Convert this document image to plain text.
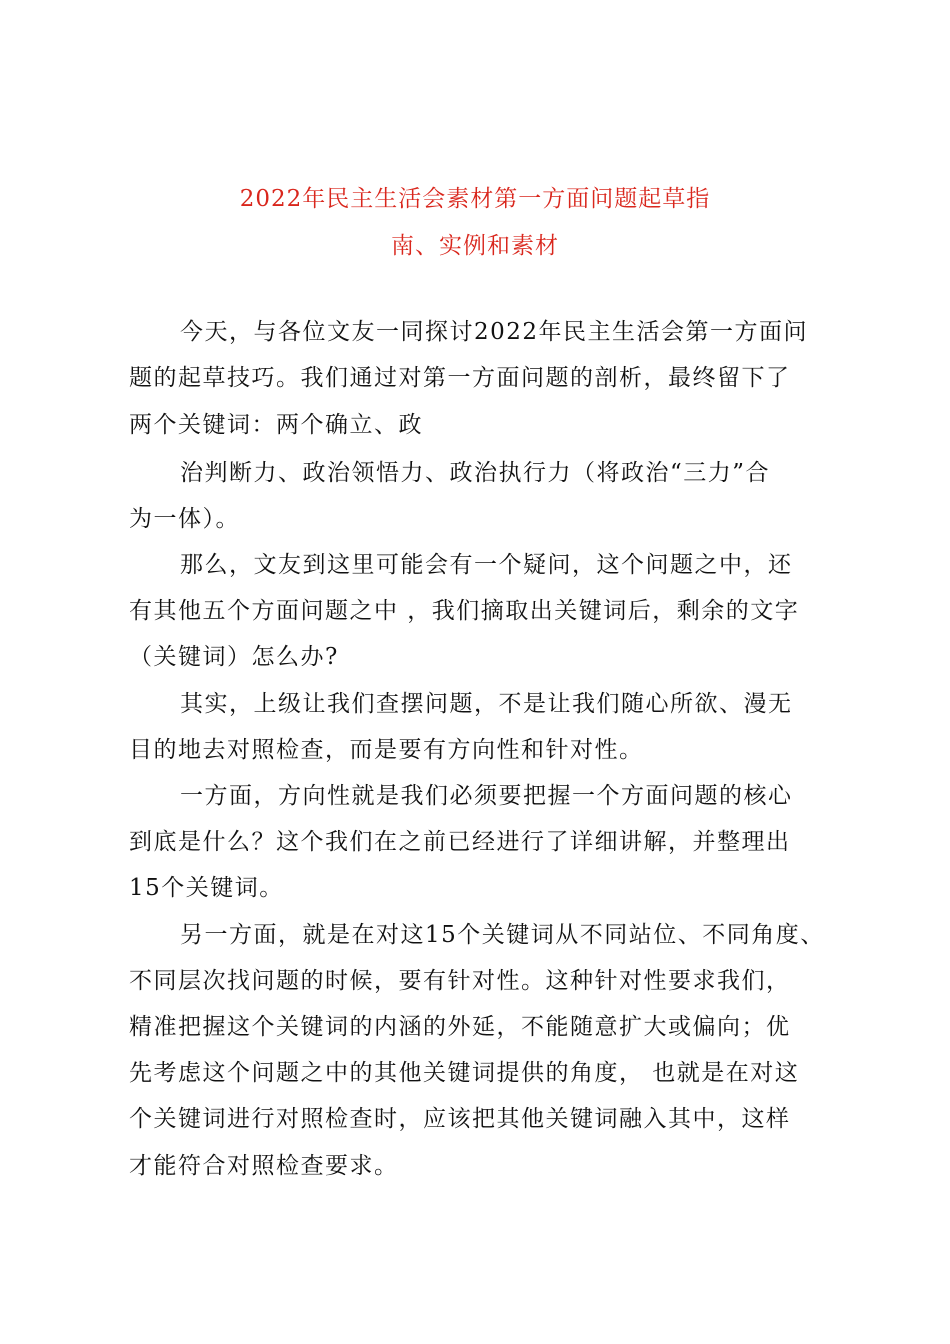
2022年民主生活会素材第一方面问题起草指
南、实例和素材
今天，与各位文友一同探讨2022年民主生活会第一方面问
题的起草技巧。我们通过对第一方面问题的剖析，最终留下了
两个关键词：两个确立、政
治判断力、政治领悟力、政治执行力（将政治“三力”合
为一体）。
那么，文友到这里可能会有一个疑问，这个问题之中，还
有其他五个方面问题之中 ，我们摘取出关键词后，剩余的文字
（关键词）怎么办?
其实，上级让我们查摆问题，不是让我们随心所欲、漫无
目的地去对照检查，而是要有方向性和针对性。
一方面，方向性就是我们必须要把握一个方面问题的核心
到底是什么？这个我们在之前已经进行了详细讲解，并整理出
15个关键词。
另一方面，就是在对这15个关键词从不同站位、不同角度、
不同层次找问题的时候，要有针对性。这种针对性要求我们，
精准把握这个关键词的内涵的外延，不能随意扩大或偏向；优
先考虑这个问题之中的其他关键词提供的角度， 也就是在对这
个关键词进行对照检查时，应该把其他关键词融入其中，这样
才能符合对照检查要求。
